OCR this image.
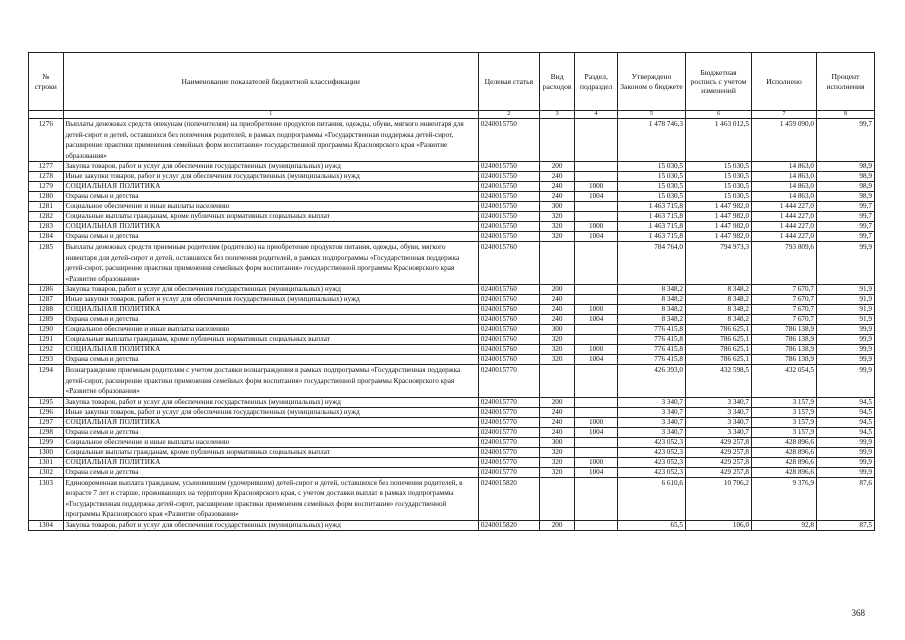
№ строки	Наименование показателей бюджетной классификации	Целевая статья	Вид расходов	Раздел, подраздел	Утверждено Законом о бюджете	Бюджетная роспись с учетом изменений	Исполнено	Процент исполнения
	1	2	3	4	5	6	7	8
1276	Выплаты денежных средств опекунам (попечителям) на приобретение продуктов питания, одежды, обуви, мягкого инвентаря для детей-сирот и детей, оставшихся без попечения родителей, в рамках подпрограммы «Государственная поддержка детей-сирот, расширение практики применения семейных форм воспитания» государственной программы Красноярского края «Развитие образования»	0240015750			1 478 746,3	1 463 012,5	1 459 090,0	99,7
1277	Закупка товаров, работ и услуг для обеспечения государственных (муниципальных) нужд	0240015750	200		15 030,5	15 030,5	14 863,0	98,9
1278	Иные закупки товаров, работ и услуг для обеспечения государственных (муниципальных) нужд	0240015750	240		15 030,5	15 030,5	14 863,0	98,9
1279	СОЦИАЛЬНАЯ ПОЛИТИКА	0240015750	240	1000	15 030,5	15 030,5	14 863,0	98,9
1280	Охрана семьи и детства	0240015750	240	1004	15 030,5	15 030,5	14 863,0	98,9
1281	Социальное обеспечение и иные выплаты населению	0240015750	300		1 463 715,8	1 447 982,0	1 444 227,0	99,7
1282	Социальные выплаты гражданам, кроме публичных нормативных социальных выплат	0240015750	320		1 463 715,8	1 447 982,0	1 444 227,0	99,7
1283	СОЦИАЛЬНАЯ ПОЛИТИКА	0240015750	320	1000	1 463 715,8	1 447 982,0	1 444 227,0	99,7
1284	Охрана семьи и детства	0240015750	320	1004	1 463 715,8	1 447 982,0	1 444 227,0	99,7
1285	Выплаты денежных средств приемным родителям (родителю) на приобретение продуктов питания, одежды, обуви, мягкого инвентаря для детей-сирот и детей, оставшихся без попечения родителей, в рамках подпрограммы «Государственная поддержка детей-сирот, расширение практики применения семейных форм воспитания» государственной программы Красноярского края «Развитие образования»	0240015760			784 764,0	794 973,3	793 809,6	99,9
1286	Закупка товаров, работ и услуг для обеспечения государственных (муниципальных) нужд	0240015760	200		8 348,2	8 348,2	7 670,7	91,9
1287	Иные закупки товаров, работ и услуг для обеспечения государственных (муниципальных) нужд	0240015760	240		8 348,2	8 348,2	7 670,7	91,9
1288	СОЦИАЛЬНАЯ ПОЛИТИКА	0240015760	240	1000	8 348,2	8 348,2	7 670,7	91,9
1289	Охрана семьи и детства	0240015760	240	1004	8 348,2	8 348,2	7 670,7	91,9
1290	Социальное обеспечение и иные выплаты населению	0240015760	300		776 415,8	786 625,1	786 138,9	99,9
1291	Социальные выплаты гражданам, кроме публичных нормативных социальных выплат	0240015760	320		776 415,8	786 625,1	786 138,9	99,9
1292	СОЦИАЛЬНАЯ ПОЛИТИКА	0240015760	320	1000	776 415,8	786 625,1	786 138,9	99,9
1293	Охрана семьи и детства	0240015760	320	1004	776 415,8	786 625,1	786 138,9	99,9
1294	Вознаграждение приемным родителям с учетом доставки вознаграждения в рамках подпрограммы «Государственная поддержка детей-сирот, расширение практики применения семейных форм воспитания» государственной программы Красноярского края «Развитие образования»	0240015770			426 393,0	432 598,5	432 054,5	99,9
1295	Закупка товаров, работ и услуг для обеспечения государственных (муниципальных) нужд	0240015770	200		3 340,7	3 340,7	3 157,9	94,5
1296	Иные закупки товаров, работ и услуг для обеспечения государственных (муниципальных) нужд	0240015770	240		3 340,7	3 340,7	3 157,9	94,5
1297	СОЦИАЛЬНАЯ ПОЛИТИКА	0240015770	240	1000	3 340,7	3 340,7	3 157,9	94,5
1298	Охрана семьи и детства	0240015770	240	1004	3 340,7	3 340,7	3 157,9	94,5
1299	Социальное обеспечение и иные выплаты населению	0240015770	300		423 052,3	429 257,8	428 896,6	99,9
1300	Социальные выплаты гражданам, кроме публичных нормативных социальных выплат	0240015770	320		423 052,3	429 257,8	428 896,6	99,9
1301	СОЦИАЛЬНАЯ ПОЛИТИКА	0240015770	320	1000	423 052,3	429 257,8	428 896,6	99,9
1302	Охрана семьи и детства	0240015770	320	1004	423 052,3	429 257,8	428 896,6	99,9
1303	Единовременная выплата гражданам, усыновившим (удочерившим) детей-сирот и детей, оставшихся без попечения родителей, в возрасте 7 лет и старше, проживающих на территории Красноярского края, с учетом доставки выплат в рамках подпрограммы «Государственная поддержка детей-сирот, расширение практики применения семейных форм воспитания» государственной программы Красноярского края «Развитие образования»	0240015820			6 610,6	10 706,2	9 376,9	87,6
1304	Закупка товаров, работ и услуг для обеспечения государственных (муниципальных) нужд	0240015820	200		65,5	106,0	92,8	87,5
368
